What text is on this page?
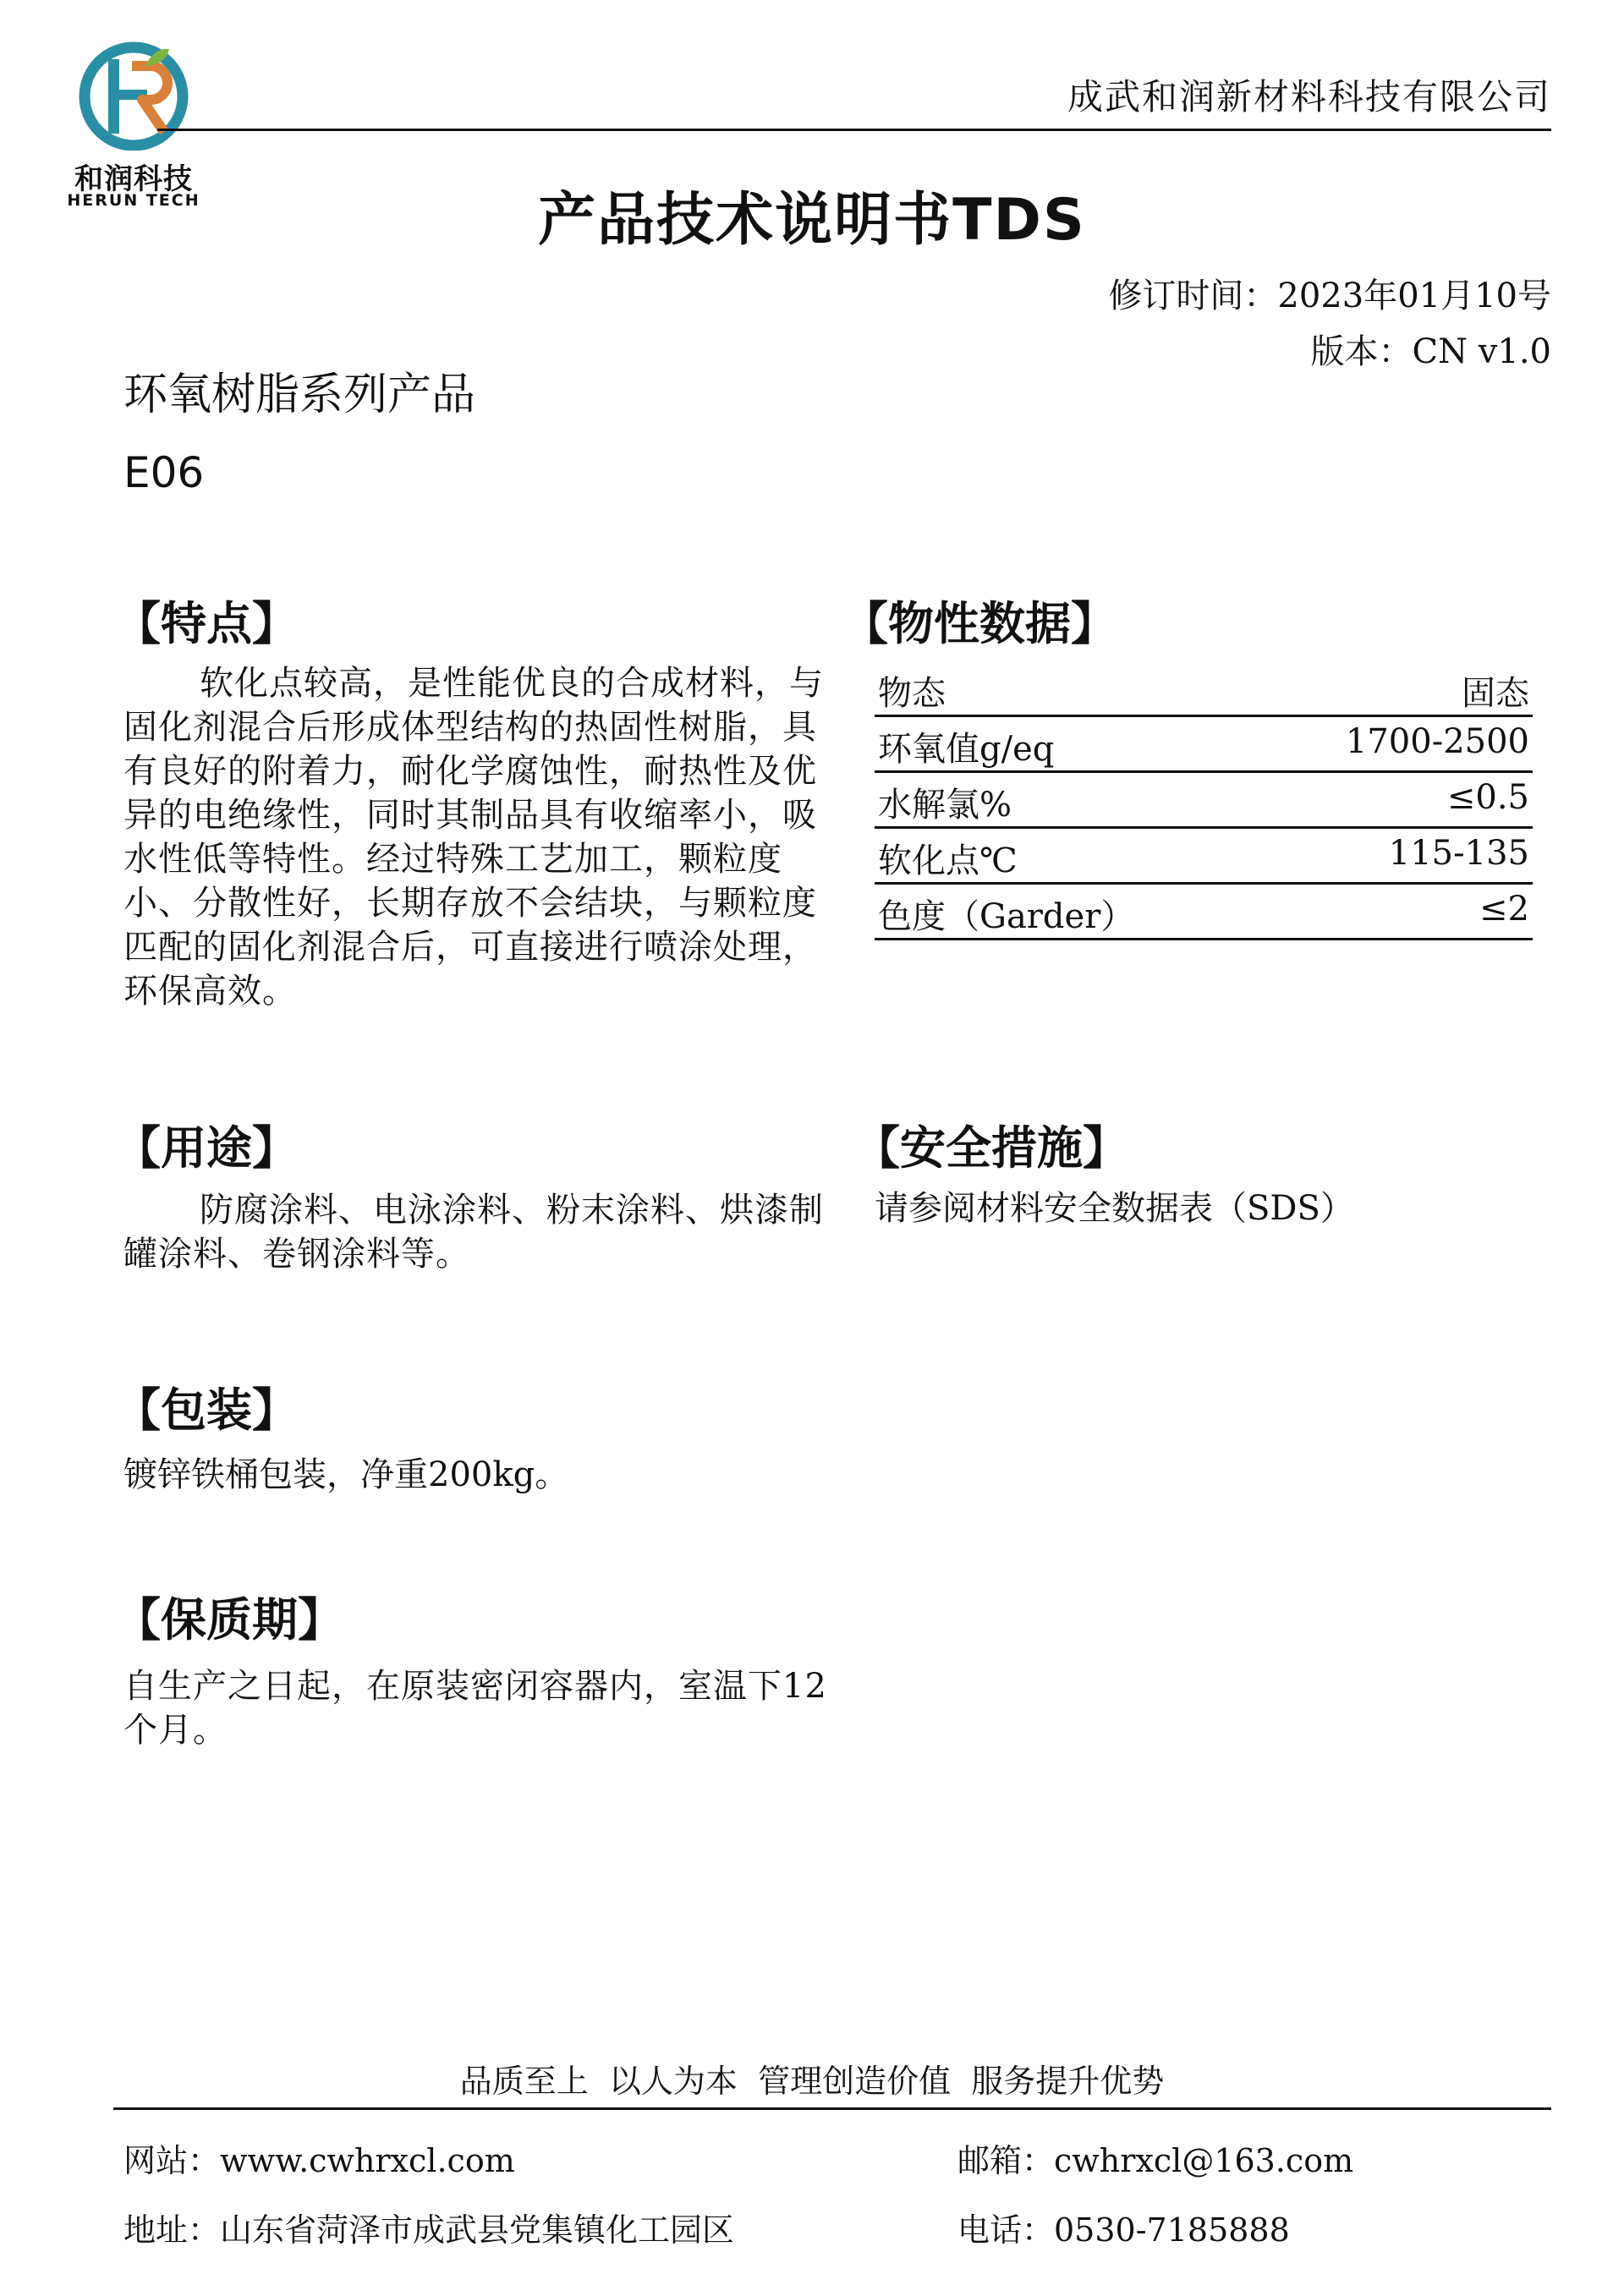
和润科技
HERUN TECH
成武和润新材料科技有限公司
产品技术说明书TDS
修订时间：2023年01月10号
版本：CN v1.0
环氧树脂系列产品
E06
【特点】
软化点较高，是性能优良的合成材料，与固化剂混合后形成体型结构的热固性树脂，具有良好的附着力，耐化学腐蚀性，耐热性及优异的电绝缘性，同时其制品具有收缩率小，吸水性低等特性。经过特殊工艺加工，颗粒度小、分散性好，长期存放不会结块，与颗粒度匹配的固化剂混合后，可直接进行喷涂处理，环保高效。
【物性数据】
物态	固态
环氧值g/eq	1700-2500
水解氯%	≤0.5
软化点℃	115-135
色度（Garder）	≤2
【用途】
防腐涂料、电泳涂料、粉末涂料、烘漆制罐涂料、卷钢涂料等。
【安全措施】
请参阅材料安全数据表（SDS）
【包装】
镀锌铁桶包装，净重200kg。
【保质期】
自生产之日起，在原装密闭容器内，室温下12个月。
品质至上  以人为本  管理创造价值  服务提升优势
网站：www.cwhrxcl.com	邮箱：cwhrxcl@163.com
地址：山东省菏泽市成武县党集镇化工园区	电话：0530-7185888
